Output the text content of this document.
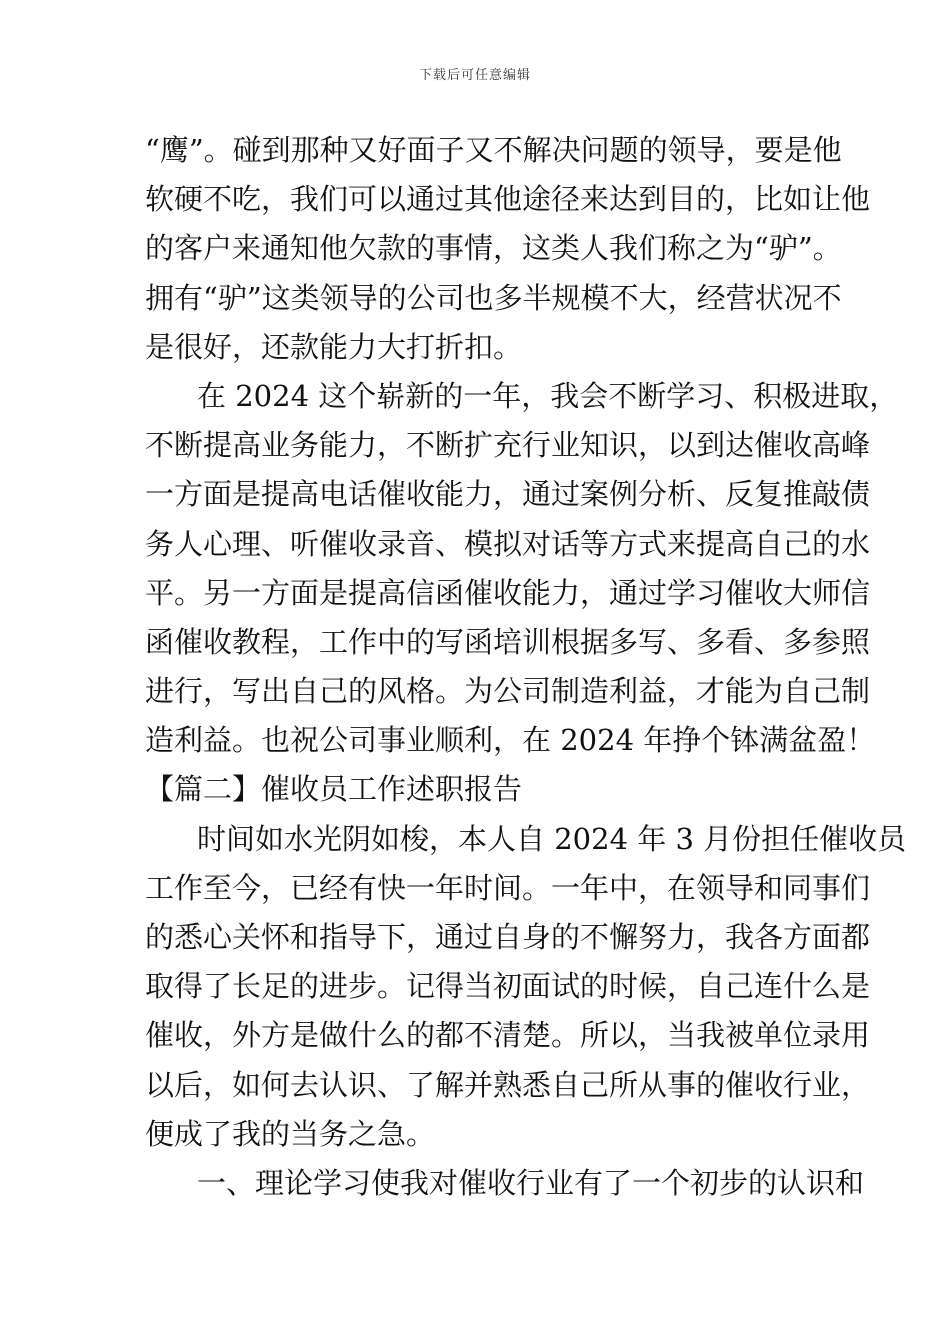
下载后可任意编辑
“鹰”。碰到那种又好面子又不解决问题的领导，要是他
软硬不吃，我们可以通过其他途径来达到目的，比如让他
的客户来通知他欠款的事情，这类人我们称之为“驴”。
拥有“驴”这类领导的公司也多半规模不大，经营状况不
是很好，还款能力大打折扣。
在 2024 这个崭新的一年，我会不断学习、积极进取，
不断提高业务能力，不断扩充行业知识，以到达催收高峰
一方面是提高电话催收能力，通过案例分析、反复推敲债
务人心理、听催收录音、模拟对话等方式来提高自己的水
平。另一方面是提高信函催收能力，通过学习催收大师信
函催收教程，工作中的写函培训根据多写、多看、多参照
进行，写出自己的风格。为公司制造利益，才能为自己制
造利益。也祝公司事业顺利，在 2024 年挣个钵满盆盈！
【篇二】催收员工作述职报告
时间如水光阴如梭，本人自 2024 年 3 月份担任催收员
工作至今，已经有快一年时间。一年中，在领导和同事们
的悉心关怀和指导下，通过自身的不懈努力，我各方面都
取得了长足的进步。记得当初面试的时候，自己连什么是
催收，外方是做什么的都不清楚。所以，当我被单位录用
以后，如何去认识、了解并熟悉自己所从事的催收行业，
便成了我的当务之急。
一、理论学习使我对催收行业有了一个初步的认识和
